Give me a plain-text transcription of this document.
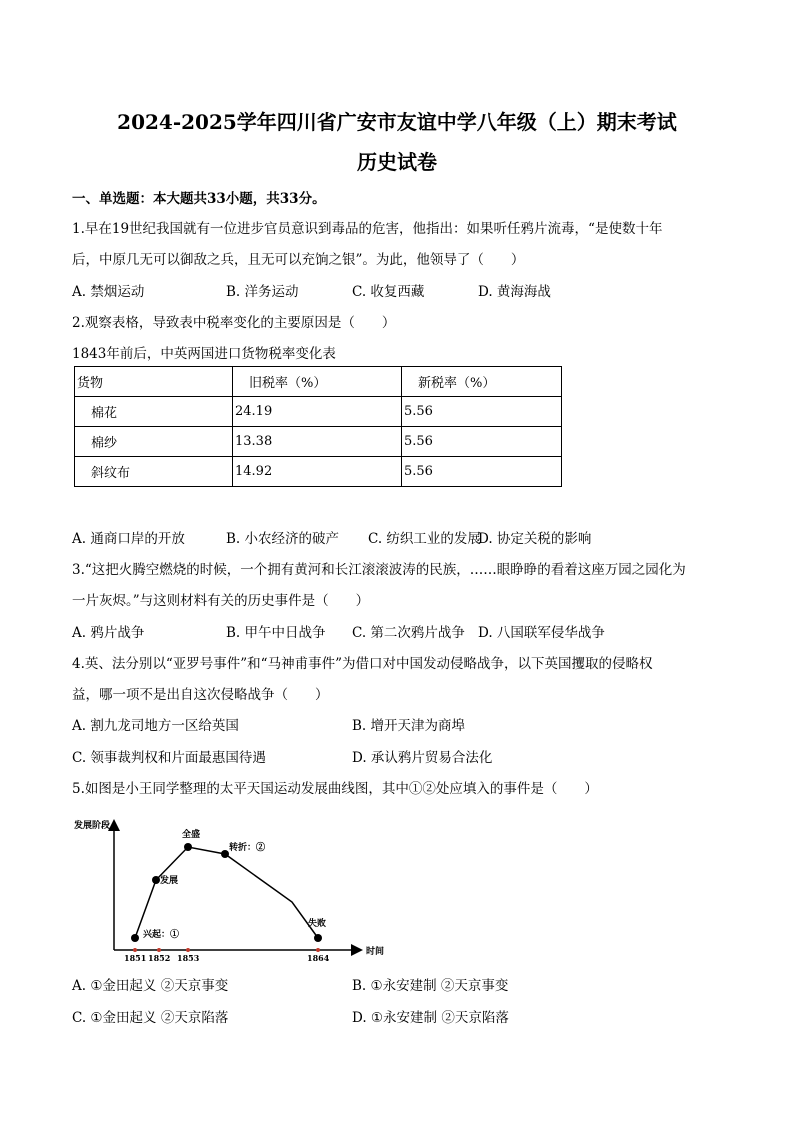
2024-2025学年四川省广安市友谊中学八年级（上）期末考试
历史试卷
一、单选题：本大题共33小题，共33分。
1.早在19世纪我国就有一位进步官员意识到毒品的危害，他指出：如果听任鸦片流毒，“是使数十年
后，中原几无可以御敌之兵，且无可以充饷之银”。为此，他领导了（　　）
A. 禁烟运动	B. 洋务运动	C. 收复西藏	D. 黄海海战
2.观察表格，导致表中税率变化的主要原因是（　　）
1843年前后，中英两国进口货物税率变化表
货物	旧税率（%）	新税率（%）
棉花	24.19	5.56
棉纱	13.38	5.56
斜纹布	14.92	5.56
A. 通商口岸的开放	B. 小农经济的破产 C. 纺织工业的发展
D. 协定关税的影响
3.“这把火腾空燃烧的时候，一个拥有黄河和长江滚滚波涛的民族，……眼睁睁的看着这座万园之园化为
一片灰烬。”与这则材料有关的历史事件是（　　）
A. 鸦片战争	B. 甲午中日战争 C. 第二次鸦片战争 D. 八国联军侵华战争
4.英、法分别以“亚罗号事件”和“马神甫事件”为借口对中国发动侵略战争，以下英国攫取的侵略权
益，哪一项不是出自这次侵略战争（　　）
A. 割九龙司地方一区给英国	B. 增开天津为商埠
C. 领事裁判权和片面最惠国待遇	D. 承认鸦片贸易合法化
5.如图是小王同学整理的太平天国运动发展曲线图，其中①②处应填入的事件是（　　）
发展阶段
时间
兴起：①
发展
全盛
转折：②
失败
1851 1852 1853	1864
A. ①金田起义 ②天京事变	B. ①永安建制 ②天京事变
C. ①金田起义 ②天京陷落	D. ①永安建制 ②天京陷落
